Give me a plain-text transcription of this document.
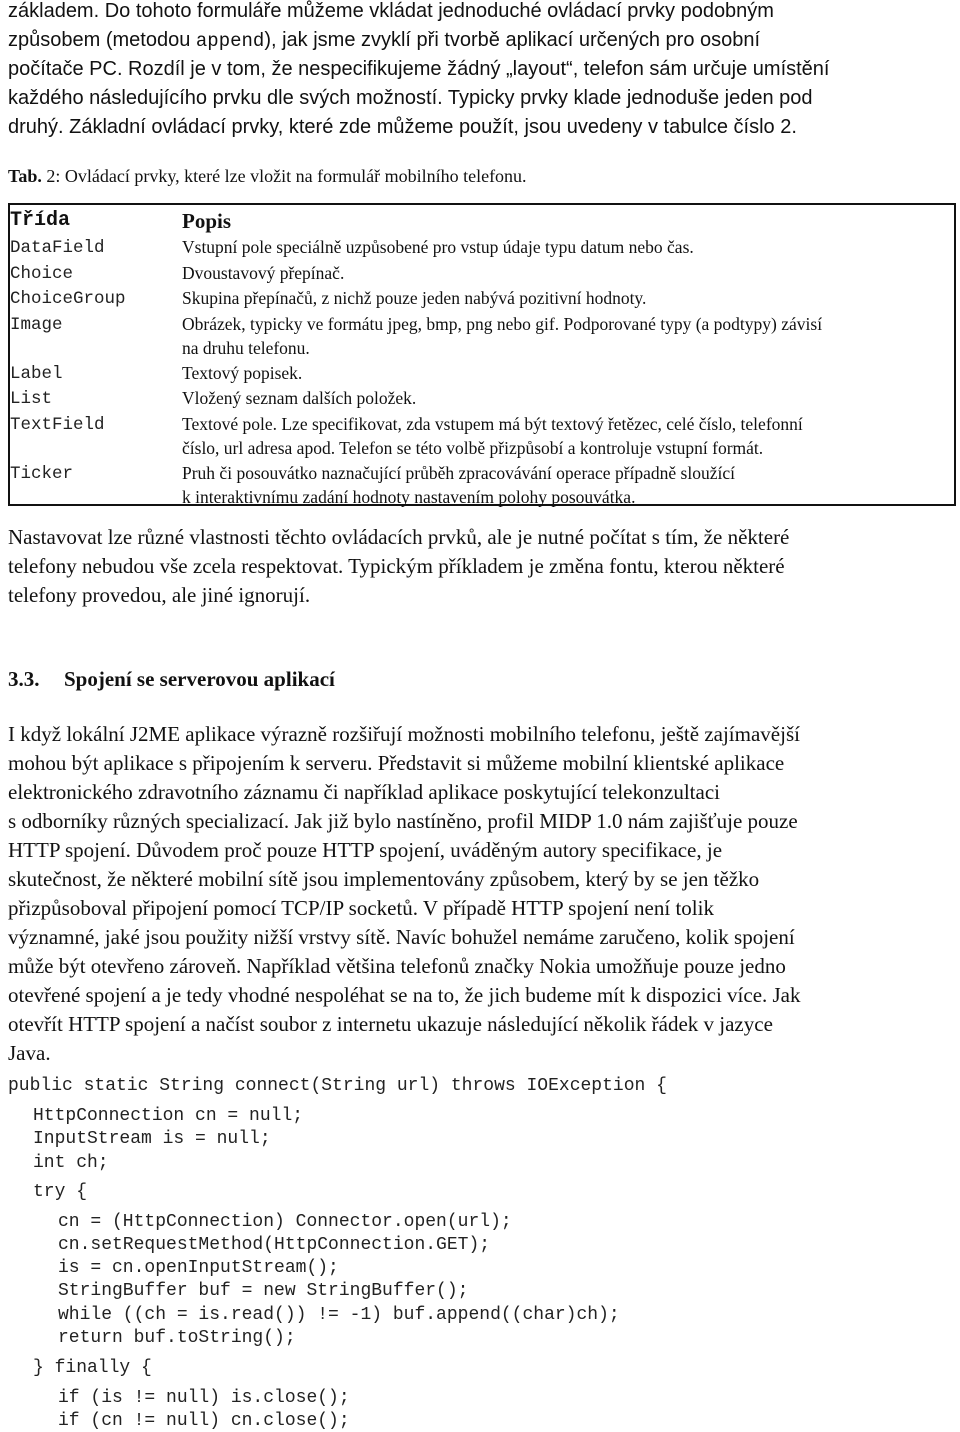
základem. Do tohoto formuláře můžeme vkládat jednoduché ovládací prvky podobným
způsobem (metodou append), jak jsme zvyklí při tvorbě aplikací určených pro osobní
počítače PC. Rozdíl je v tom, že nespecifikujeme žádný „layout“, telefon sám určuje umístění
každého následujícího prvku dle svých možností. Typicky prvky klade jednoduše jeden pod
druhý. Základní ovládací prvky, které zde můžeme použít, jsou uvedeny v tabulce číslo 2.
Tab. 2: Ovládací prvky, které lze vložit na formulář mobilního telefonu.
Třída	Popis
DataField	Vstupní pole speciálně uzpůsobené pro vstup údaje typu datum nebo čas.
Choice	Dvoustavový přepínač.
ChoiceGroup	Skupina přepínačů, z nichž pouze jeden nabývá pozitivní hodnoty.
Image	Obrázek, typicky ve formátu jpeg, bmp, png nebo gif. Podporované typy (a podtypy) závisí
na druhu telefonu.
Label	Textový popisek.
List	Vložený seznam dalších položek.
TextField	Textové pole. Lze specifikovat, zda vstupem má být textový řetězec, celé číslo, telefonní
číslo, url adresa apod. Telefon se této volbě přizpůsobí a kontroluje vstupní formát.
Ticker	Pruh či posouvátko naznačující průběh zpracovávání operace případně sloužící
k interaktivnímu zadání hodnoty nastavením polohy posouvátka.
Nastavovat lze různé vlastnosti těchto ovládacích prvků, ale je nutné počítat s tím, že některé
telefony nebudou vše zcela respektovat. Typickým příkladem je změna fontu, kterou některé
telefony provedou, ale jiné ignorují.
3.3. Spojení se serverovou aplikací
I když lokální J2ME aplikace výrazně rozšiřují možnosti mobilního telefonu, ještě zajímavější
mohou být aplikace s připojením k serveru. Představit si můžeme mobilní klientské aplikace
elektronického zdravotního záznamu či například aplikace poskytující telekonzultaci
s odborníky různých specializací. Jak již bylo nastíněno, profil MIDP 1.0 nám zajišťuje pouze
HTTP spojení. Důvodem proč pouze HTTP spojení, uváděným autory specifikace, je
skutečnost, že některé mobilní sítě jsou implementovány způsobem, který by se jen těžko
přizpůsoboval připojení pomocí TCP/IP socketů. V případě HTTP spojení není tolik
významné, jaké jsou použity nižší vrstvy sítě. Navíc bohužel nemáme zaručeno, kolik spojení
může být otevřeno zároveň. Například většina telefonů značky Nokia umožňuje pouze jedno
otevřené spojení a je tedy vhodné nespoléhat se na to, že jich budeme mít k dispozici více. Jak
otevřít HTTP spojení a načíst soubor z internetu ukazuje následující několik řádek v jazyce
Java.
public static String connect(String url) throws IOException {
HttpConnection cn = null;
InputStream is = null;
int ch;
try {
cn = (HttpConnection) Connector.open(url);
cn.setRequestMethod(HttpConnection.GET);
is = cn.openInputStream();
StringBuffer buf = new StringBuffer();
while ((ch = is.read()) != -1) buf.append((char)ch);
return buf.toString();
} finally {
if (is != null) is.close();
if (cn != null) cn.close();
